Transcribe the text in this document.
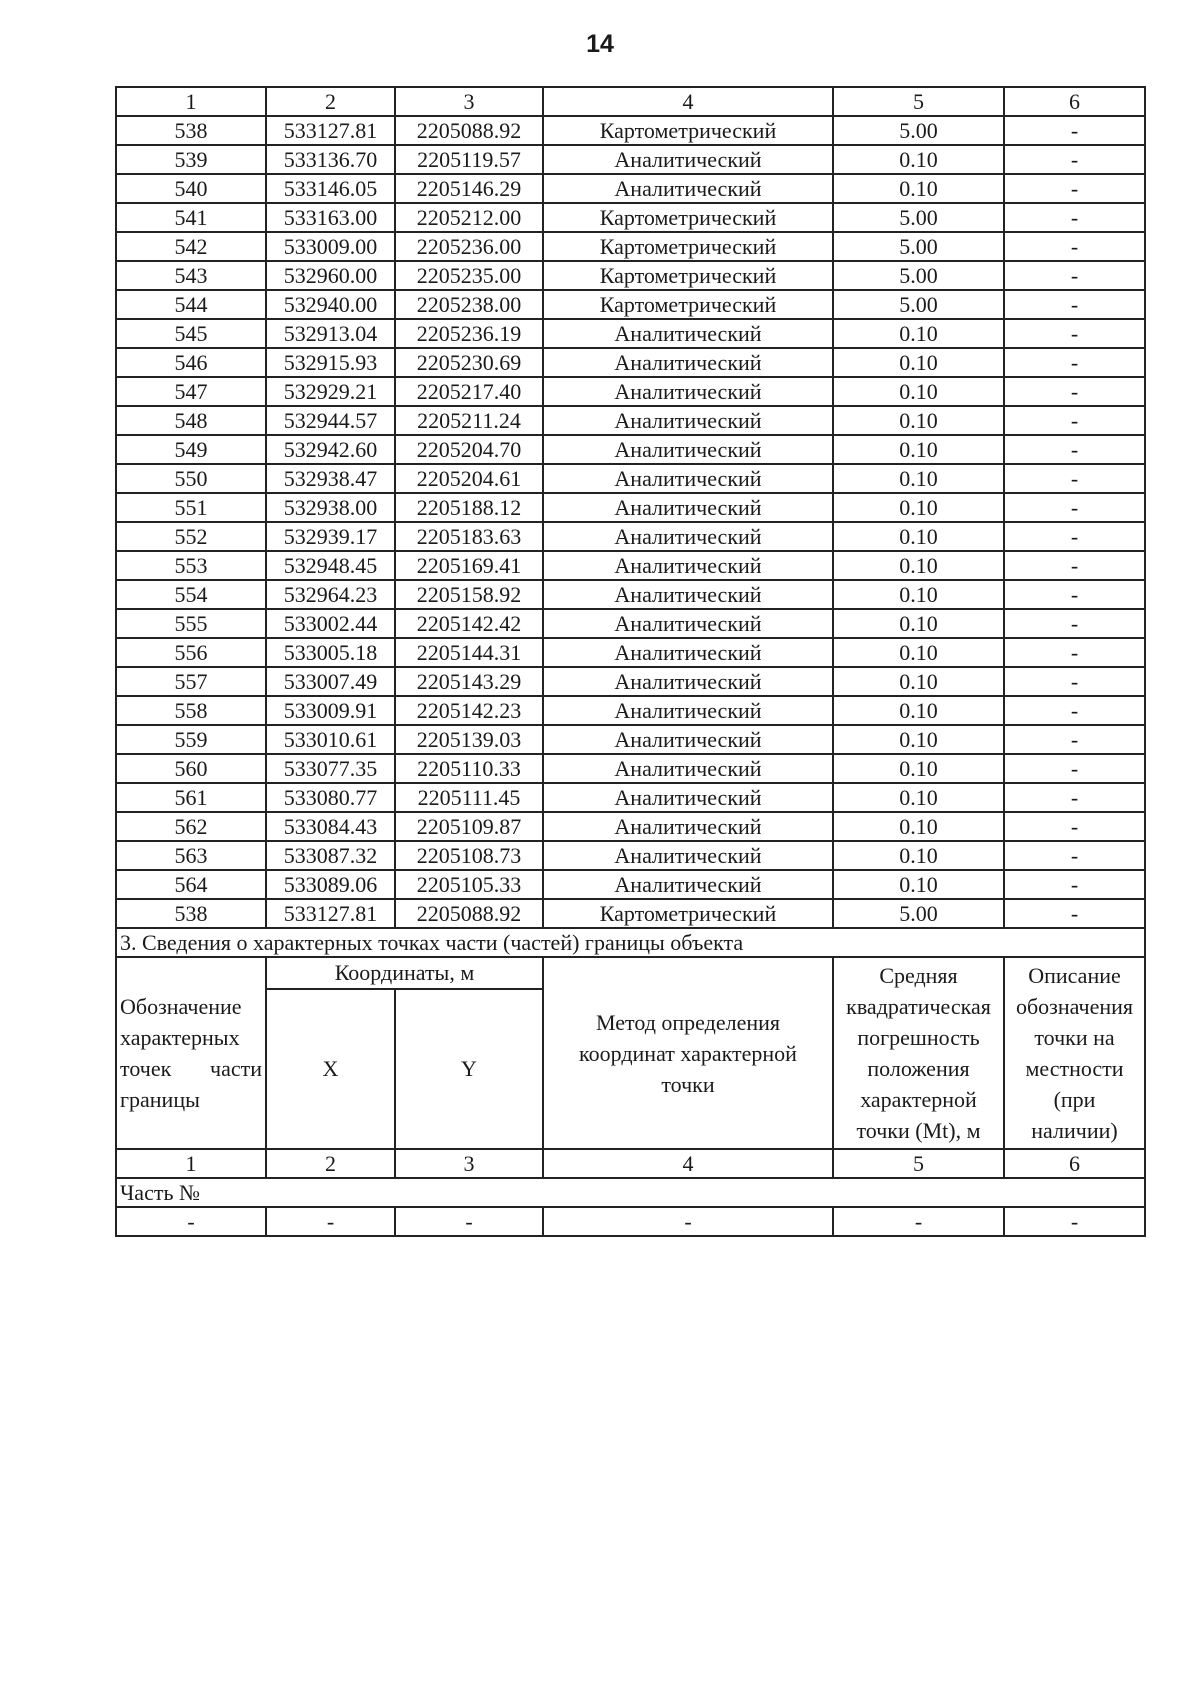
14
1	2	3	4	5	6
538	533127.81	2205088.92	Картометрический	5.00	-
539	533136.70	2205119.57	Аналитический	0.10	-
540	533146.05	2205146.29	Аналитический	0.10	-
541	533163.00	2205212.00	Картометрический	5.00	-
542	533009.00	2205236.00	Картометрический	5.00	-
543	532960.00	2205235.00	Картометрический	5.00	-
544	532940.00	2205238.00	Картометрический	5.00	-
545	532913.04	2205236.19	Аналитический	0.10	-
546	532915.93	2205230.69	Аналитический	0.10	-
547	532929.21	2205217.40	Аналитический	0.10	-
548	532944.57	2205211.24	Аналитический	0.10	-
549	532942.60	2205204.70	Аналитический	0.10	-
550	532938.47	2205204.61	Аналитический	0.10	-
551	532938.00	2205188.12	Аналитический	0.10	-
552	532939.17	2205183.63	Аналитический	0.10	-
553	532948.45	2205169.41	Аналитический	0.10	-
554	532964.23	2205158.92	Аналитический	0.10	-
555	533002.44	2205142.42	Аналитический	0.10	-
556	533005.18	2205144.31	Аналитический	0.10	-
557	533007.49	2205143.29	Аналитический	0.10	-
558	533009.91	2205142.23	Аналитический	0.10	-
559	533010.61	2205139.03	Аналитический	0.10	-
560	533077.35	2205110.33	Аналитический	0.10	-
561	533080.77	2205111.45	Аналитический	0.10	-
562	533084.43	2205109.87	Аналитический	0.10	-
563	533087.32	2205108.73	Аналитический	0.10	-
564	533089.06	2205105.33	Аналитический	0.10	-
538	533127.81	2205088.92	Картометрический	5.00	-
3. Сведения о характерных точках части (частей) границы объекта					
Обозначение характерных точек части границы	Координаты, м		Метод определения координат характерной точки	Средняя квадратическая погрешность положения характерной точки (Mt), м	Описание обозначения точки на местности (при наличии)
	X	Y			
1	2	3	4	5	6
Часть №					
-	-	-	-	-	-
